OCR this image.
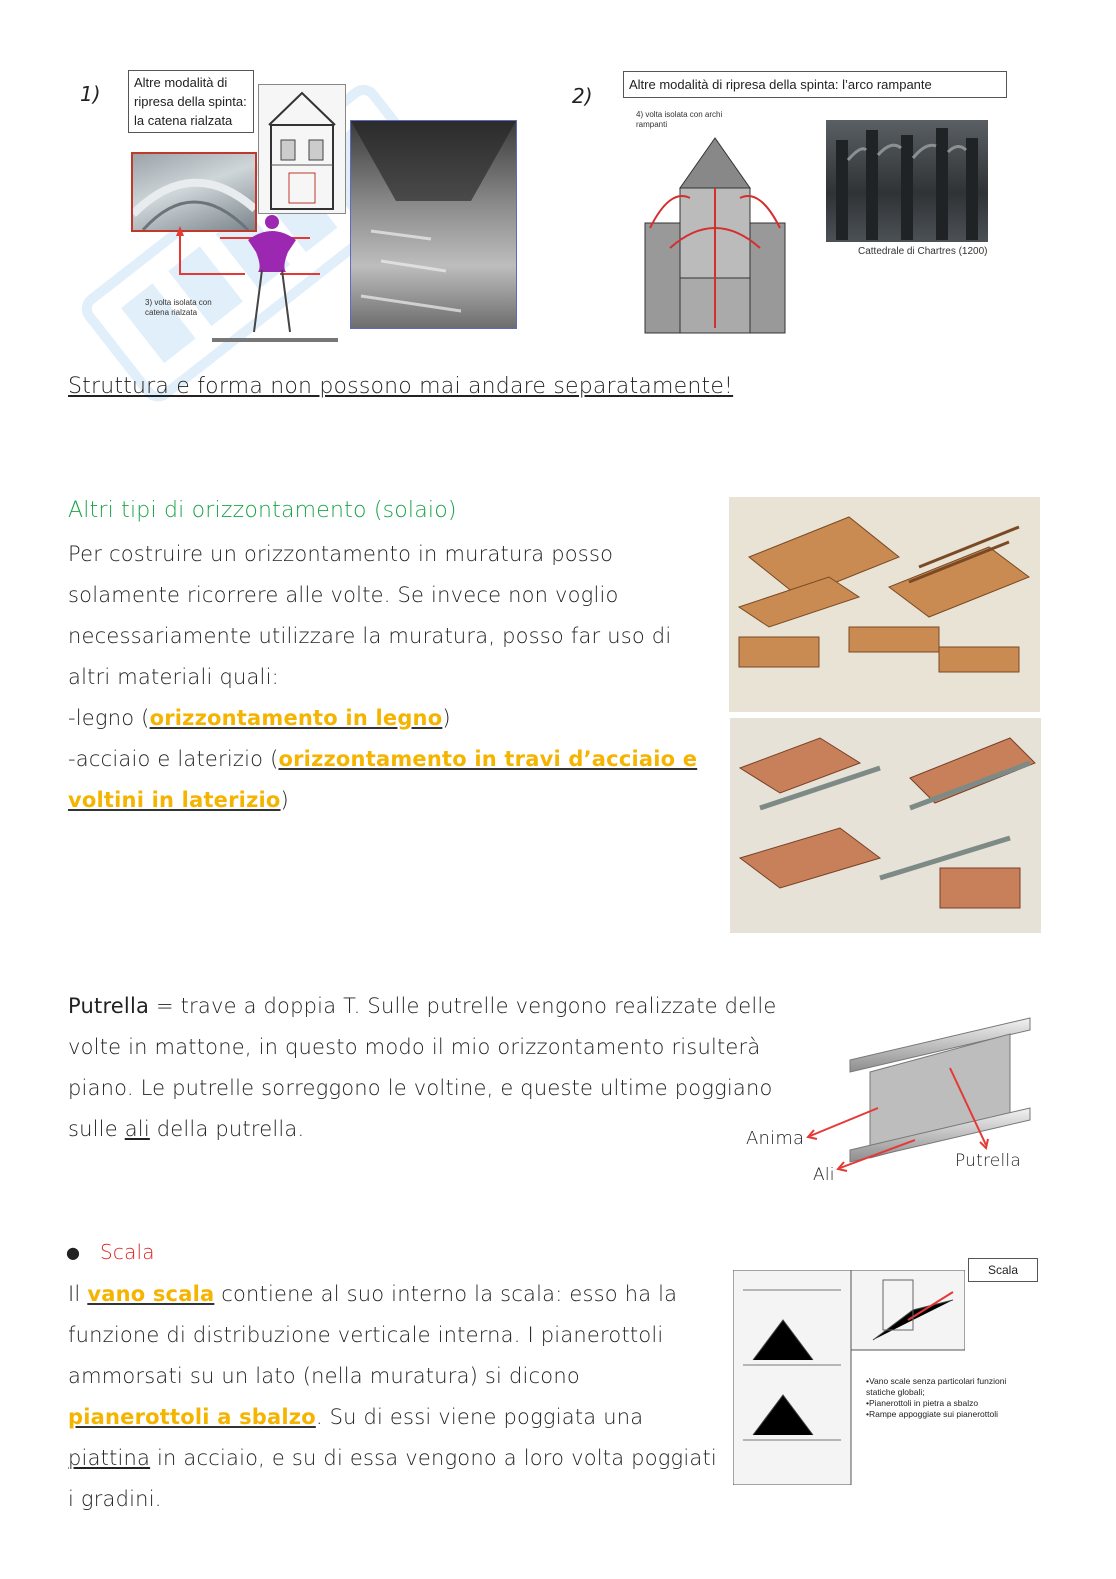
1)	Altre modalità di ripresa della spinta: la catena rialzata
3) volta isolata con catena rialzata
2)	Altre modalità di ripresa della spinta: l’arco rampante
4) volta isolata con archi rampanti
Cattedrale di Chartres (1200)
Struttura e forma non possono mai andare separatamente!
Altri tipi di orizzontamento (solaio)
Per costruire un orizzontamento in muratura posso solamente ricorrere alle volte. Se invece non voglio necessariamente utilizzare la muratura, posso far uso di altri materiali quali:
-legno (orizzontamento in legno)
-acciaio e laterizio (orizzontamento in travi d’acciaio e voltini in laterizio)
Putrella = trave a doppia T. Sulle putrelle vengono realizzate delle volte in mattone, in questo modo il mio orizzontamento risulterà piano. Le putrelle sorreggono le voltine, e queste ultime poggiano sulle ali della putrella.	Anima
Ali
Putrella
● Scala
Il vano scala contiene al suo interno la scala: esso ha la funzione di distribuzione verticale interna. I pianerottoli ammorsati su un lato (nella muratura) si dicono pianerottoli a sbalzo. Su di essi viene poggiata una piattina in acciaio, e su di essa vengono a loro volta poggiati i gradini.
Scala
•Vano scale senza particolari funzioni statiche globali;
•Pianerottoli in pietra a sbalzo
•Rampe appoggiate sui pianerottoli
